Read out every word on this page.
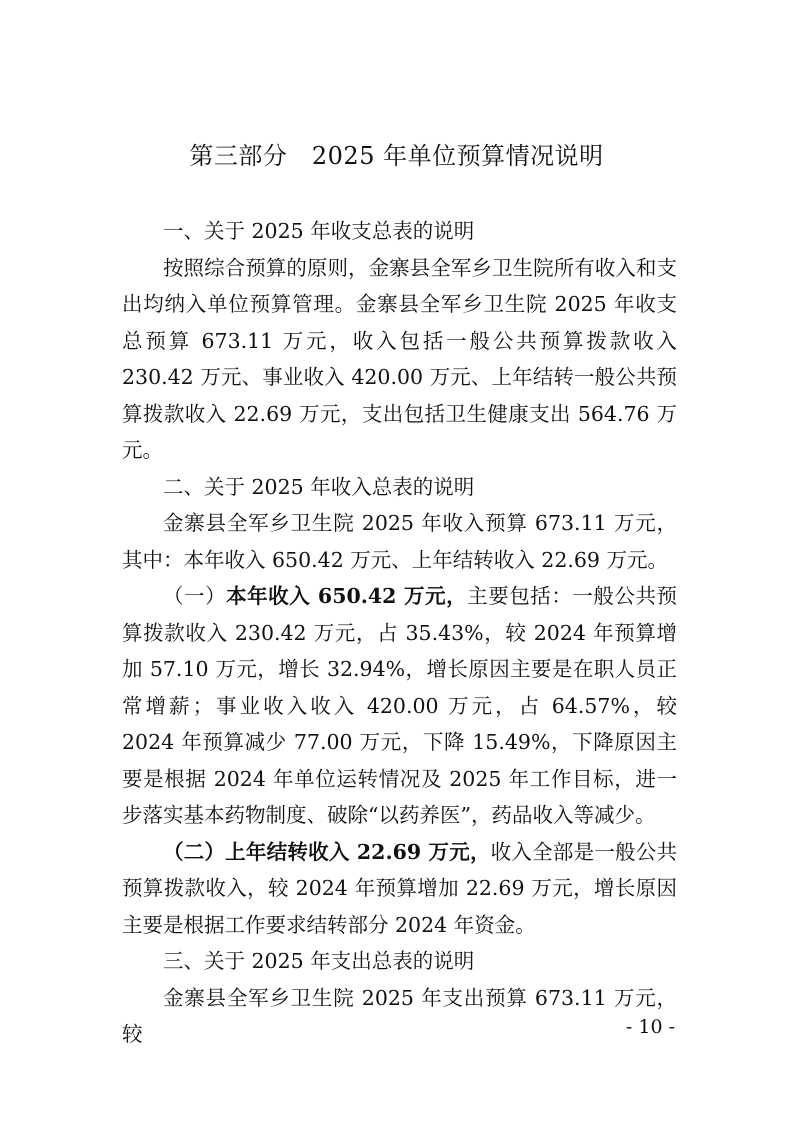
第三部分　2025 年单位预算情况说明

一、关于 2025 年收支总表的说明

按照综合预算的原则，金寨县全军乡卫生院所有收入和支出均纳入单位预算管理。金寨县全军乡卫生院 2025 年收支总预算 673.11 万元，收入包括一般公共预算拨款收入 230.42 万元、事业收入 420.00 万元、上年结转一般公共预算拨款收入 22.69 万元，支出包括卫生健康支出 564.76 万元。

二、关于 2025 年收入总表的说明

金寨县全军乡卫生院 2025 年收入预算 673.11 万元，其中：本年收入 650.42 万元、上年结转收入 22.69 万元。

（一）本年收入 650.42 万元，主要包括：一般公共预算拨款收入 230.42 万元，占 35.43%，较 2024 年预算增加 57.10 万元，增长 32.94%，增长原因主要是在职人员正常增薪；事业收入收入 420.00 万元，占 64.57%，较 2024 年预算减少 77.00 万元，下降 15.49%，下降原因主要是根据 2024 年单位运转情况及 2025 年工作目标，进一步落实基本药物制度、破除“以药养医”，药品收入等减少。

（二）上年结转收入 22.69 万元，收入全部是一般公共预算拨款收入，较 2024 年预算增加 22.69 万元，增长原因主要是根据工作要求结转部分 2024 年资金。

三、关于 2025 年支出总表的说明

金寨县全军乡卫生院 2025 年支出预算 673.11 万元，较	- 10 -
